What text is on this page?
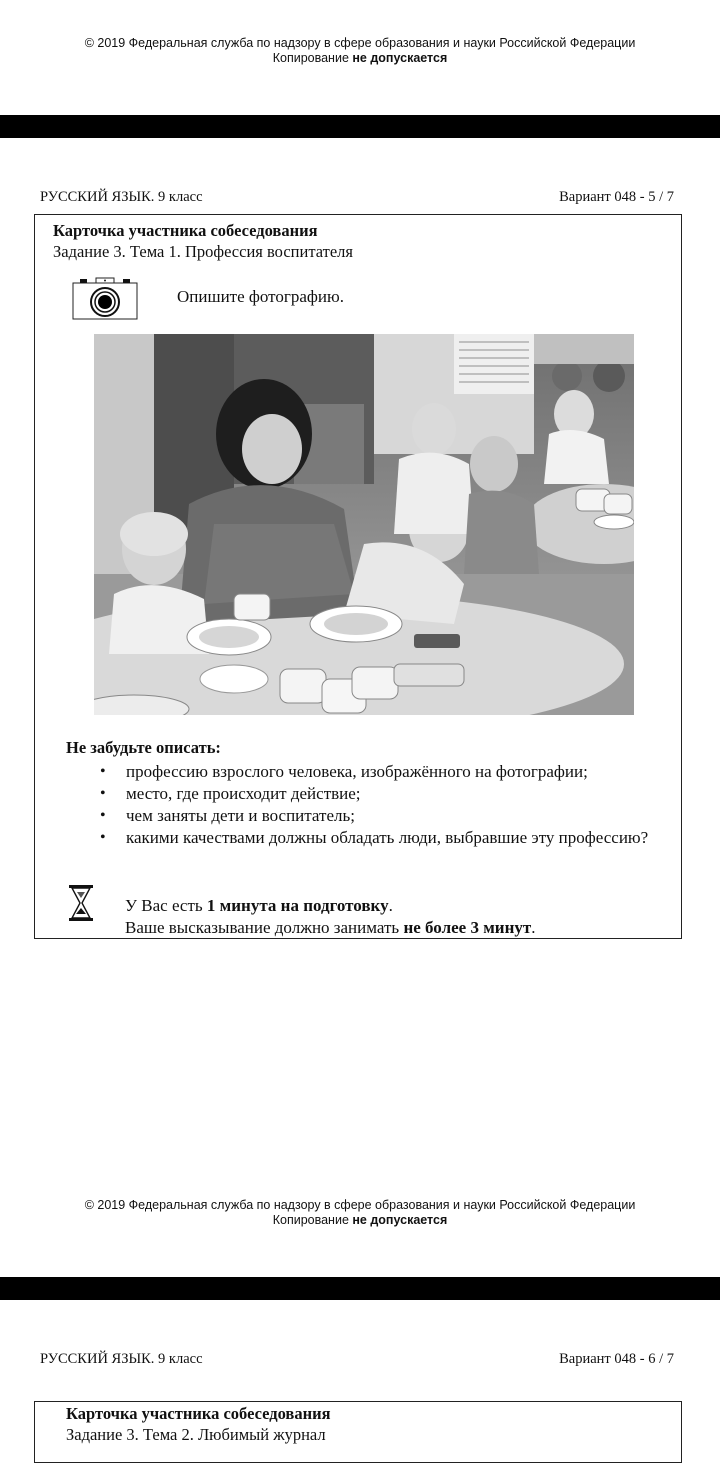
© 2019 Федеральная служба по надзору в сфере образования и науки Российской Федерации
Копирование не допускается
РУССКИЙ ЯЗЫК. 9 класс	Вариант 048 - 5 / 7
Карточка участника собеседования
Задание 3. Тема 1. Профессия воспитателя
Опишите фотографию.
Не забудьте описать:
• профессию взрослого человека, изображённого на фотографии;
• место, где происходит действие;
• чем заняты дети и воспитатель;
• какими качествами должны обладать люди, выбравшие эту профессию?
У Вас есть 1 минута на подготовку.
Ваше высказывание должно занимать не более 3 минут.
© 2019 Федеральная служба по надзору в сфере образования и науки Российской Федерации
Копирование не допускается
РУССКИЙ ЯЗЫК. 9 класс	Вариант 048 - 6 / 7
Карточка участника собеседования
Задание 3. Тема 2. Любимый журнал
